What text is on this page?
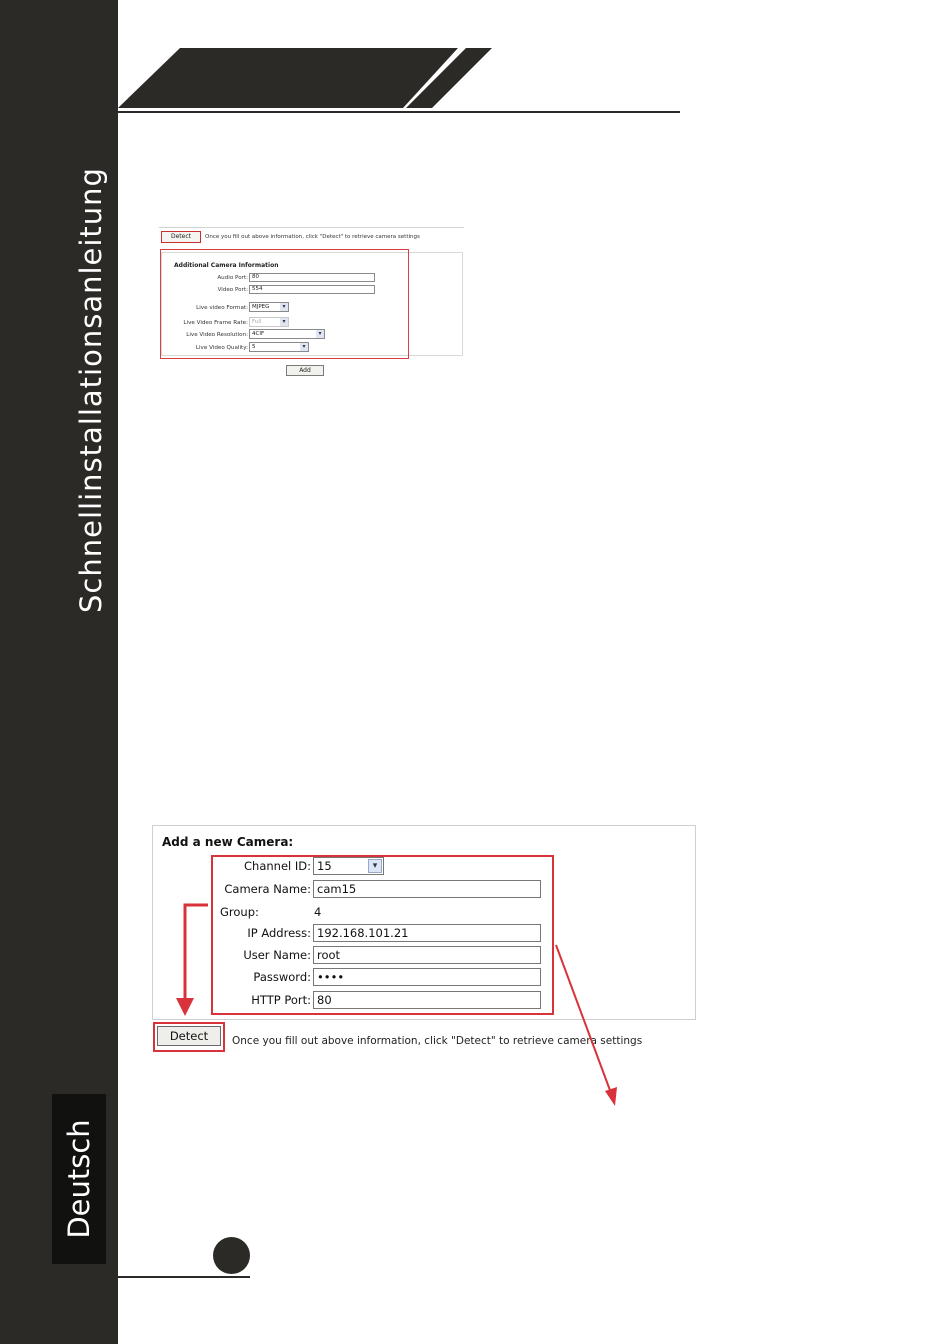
Schnellinstallationsanleitung
Deutsch
Detect	Once you fill out above information, click "Detect" to retrieve camera settings
Additional Camera Information
Audio Port: 80
Video Port: 554
Live video Format: MJPEG	▾
Live Video Frame Rate: Full	▾
Live Video Resolution: 4CIF	▾
Live Video Quality: 5	▾
Add
Add a new Camera:
Channel ID: 15	▾
Camera Name: cam15
Group:	4
IP Address: 192.168.101.21
User Name: root
Password: ••••
HTTP Port: 80
Detect	Once you fill out above information, click "Detect" to retrieve camera settings
